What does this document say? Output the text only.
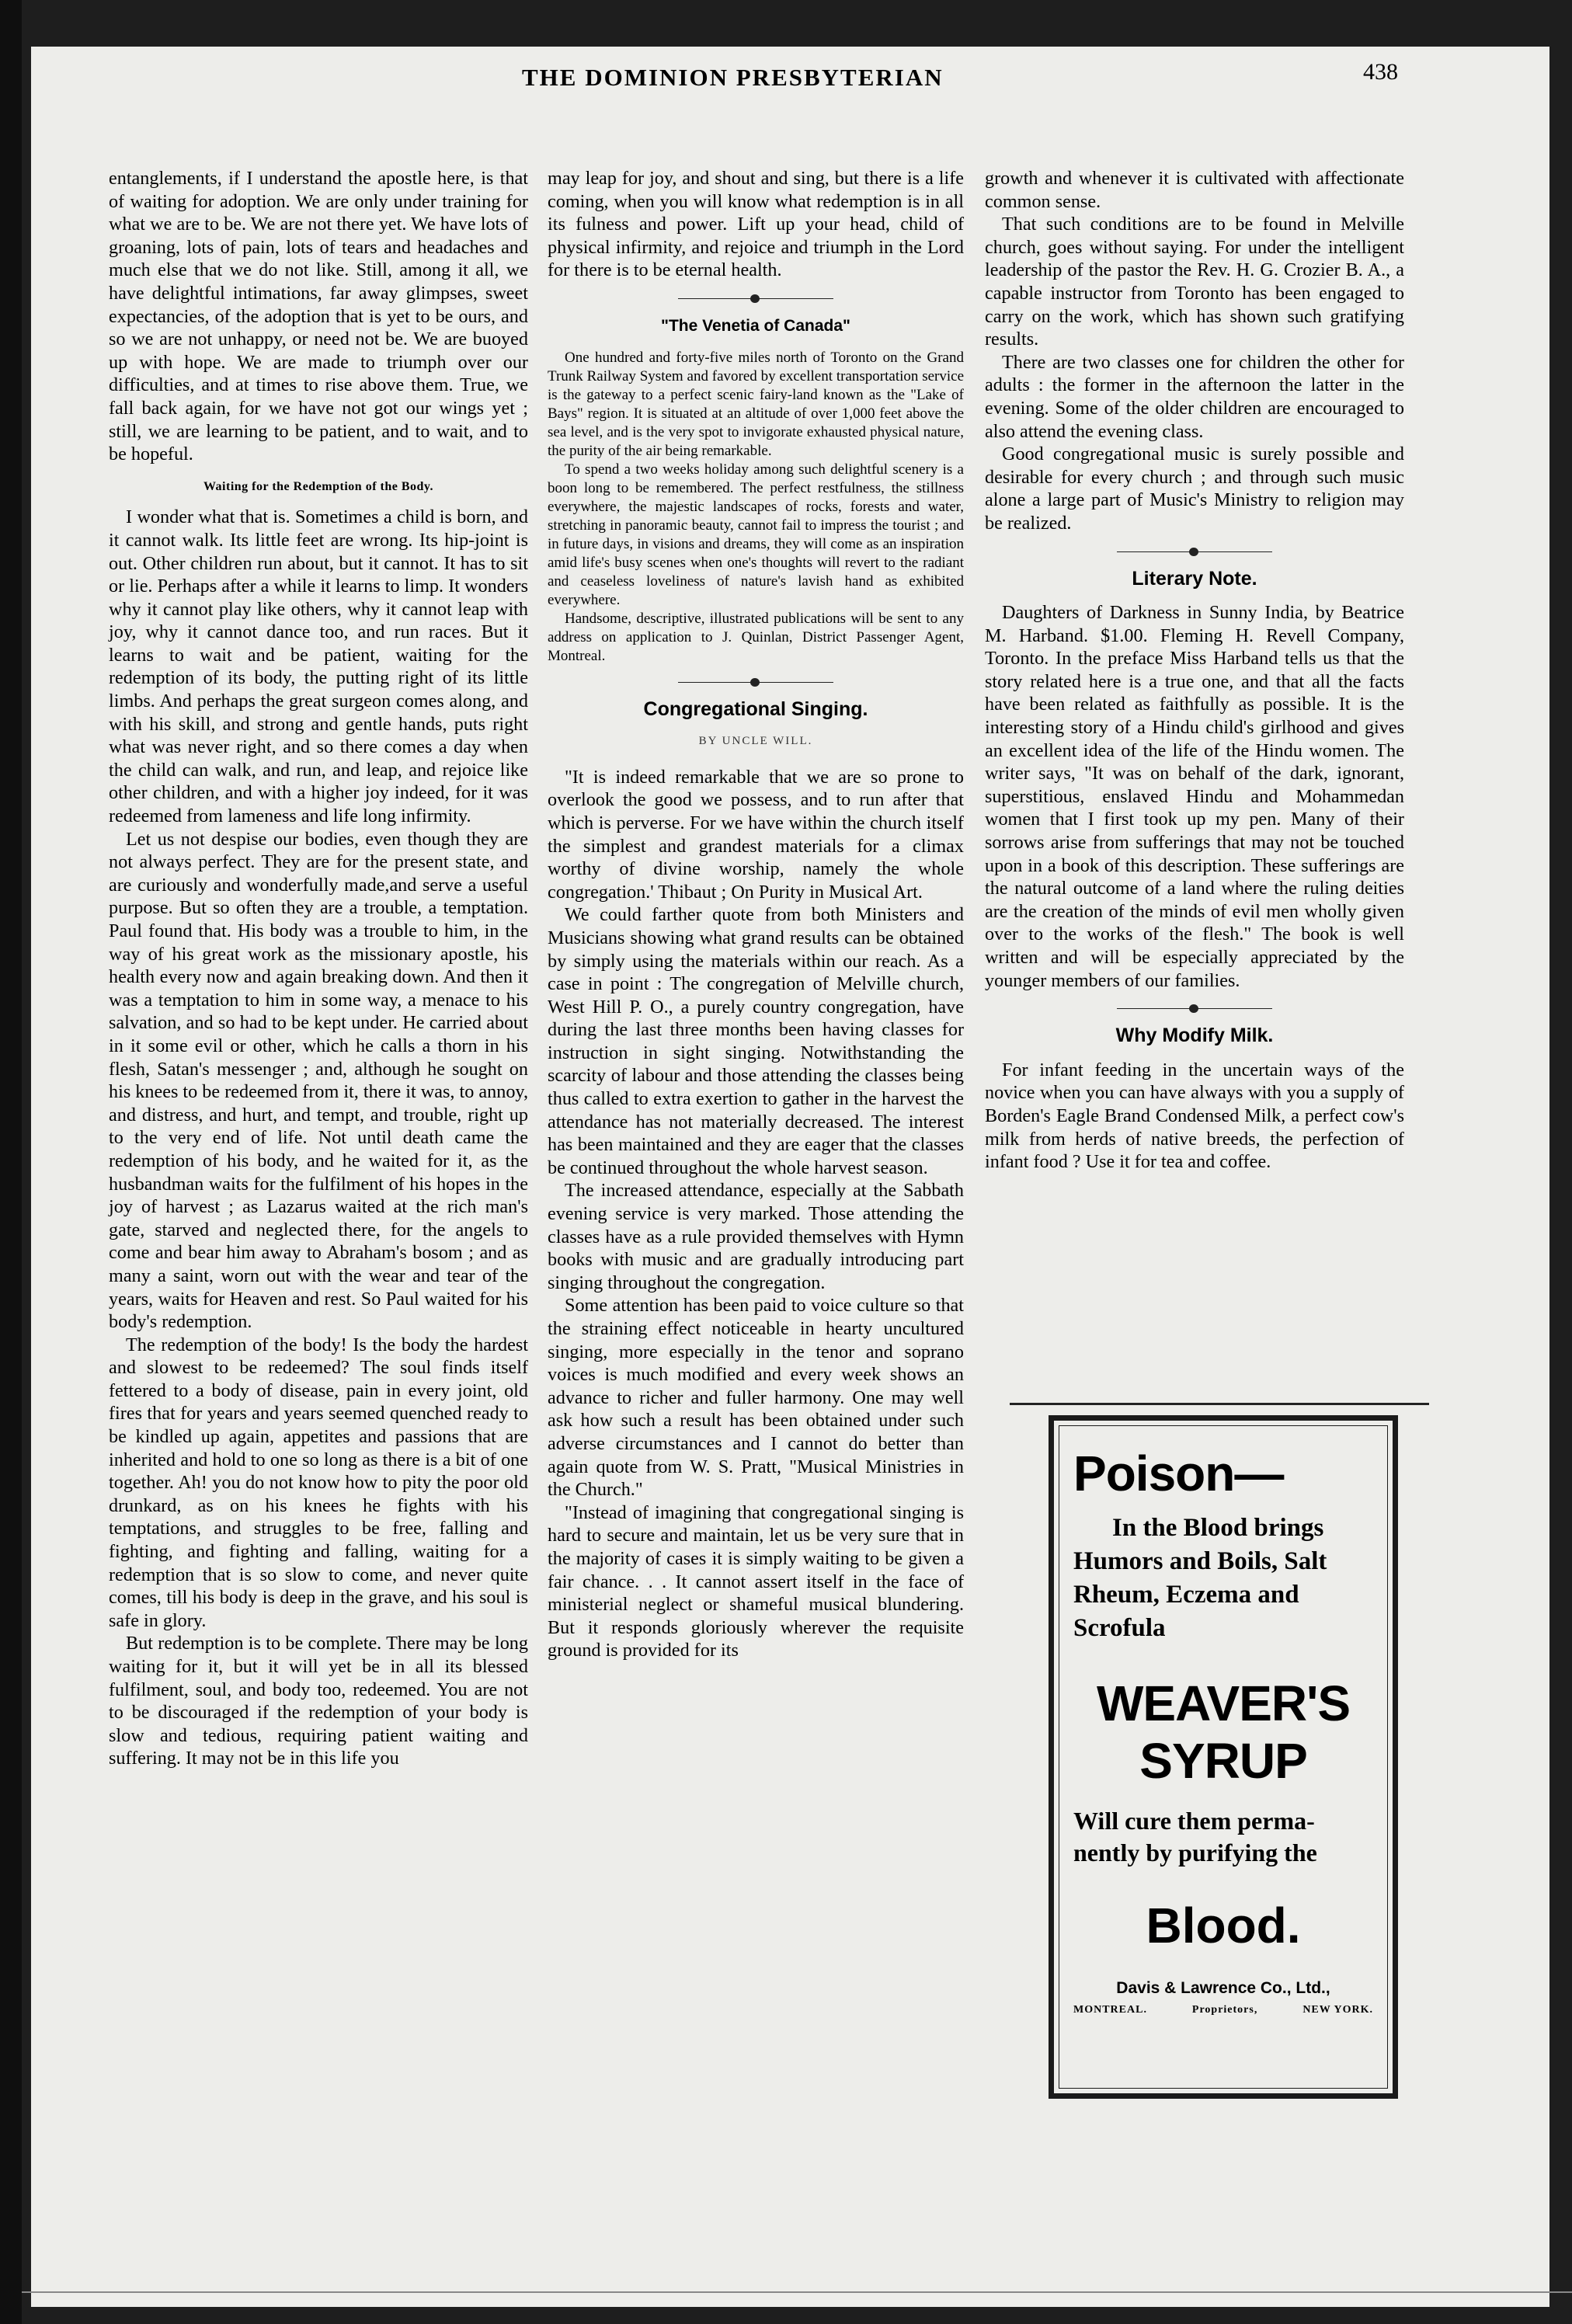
THE DOMINION PRESBYTERIAN	438

entanglements, if I understand the apostle here, is that of waiting for adoption. We are only under training for what we are to be. We are not there yet. We have lots of groaning, lots of pain, lots of tears and headaches and much else that we do not like. Still, among it all, we have delightful intimations, far away glimpses, sweet expectancies, of the adoption that is yet to be ours, and so we are not unhappy, or need not be. We are buoyed up with hope. We are made to triumph over our difficulties, and at times to rise above them. True, we fall back again, for we have not got our wings yet ; still, we are learning to be patient, and to wait, and to be hopeful.

Waiting for the Redemption of the Body.

I wonder what that is. Sometimes a child is born, and it cannot walk. Its little feet are wrong. Its hip-joint is out. Other children run about, but it cannot. It has to sit or lie. Perhaps after a while it learns to limp. It wonders why it cannot play like others, why it cannot leap with joy, why it cannot dance too, and run races. But it learns to wait and be patient, waiting for the redemption of its body, the putting right of its little limbs. And perhaps the great surgeon comes along, and with his skill, and strong and gentle hands, puts right what was never right, and so there comes a day when the child can walk, and run, and leap, and rejoice like other children, and with a higher joy indeed, for it was redeemed from lameness and life long infirmity.

Let us not despise our bodies, even though they are not always perfect. They are for the present state, and are curiously and wonderfully made,and serve a useful purpose. But so often they are a trouble, a temptation. Paul found that. His body was a trouble to him, in the way of his great work as the missionary apostle, his health every now and again breaking down. And then it was a temptation to him in some way, a menace to his salvation, and so had to be kept under. He carried about in it some evil or other, which he calls a thorn in his flesh, Satan's messenger ; and, although he sought on his knees to be redeemed from it, there it was, to annoy, and distress, and hurt, and tempt, and trouble, right up to the very end of life. Not until death came the redemption of his body, and he waited for it, as the husbandman waits for the fulfilment of his hopes in the joy of harvest ; as Lazarus waited at the rich man's gate, starved and neglected there, for the angels to come and bear him away to Abraham's bosom ; and as many a saint, worn out with the wear and tear of the years, waits for Heaven and rest. So Paul waited for his body's redemption.

The redemption of the body! Is the body the hardest and slowest to be redeemed? The soul finds itself fettered to a body of disease, pain in every joint, old fires that for years and years seemed quenched ready to be kindled up again, appetites and passions that are inherited and hold to one so long as there is a bit of one together. Ah! you do not know how to pity the poor old drunkard, as on his knees he fights with his temptations, and struggles to be free, falling and fighting, and fighting and falling, waiting for a redemption that is so slow to come, and never quite comes, till his body is deep in the grave, and his soul is safe in glory.

But redemption is to be complete. There may be long waiting for it, but it will yet be in all its blessed fulfilment, soul, and body too, redeemed. You are not to be discouraged if the redemption of your body is slow and tedious, requiring patient waiting and suffering. It may not be in this life you

may leap for joy, and shout and sing, but there is a life coming, when you will know what redemption is in all its fulness and power. Lift up your head, child of physical infirmity, and rejoice and triumph in the Lord for there is to be eternal health.

"The Venetia of Canada"

One hundred and forty-five miles north of Toronto on the Grand Trunk Railway System and favored by excellent transportation service is the gateway to a perfect scenic fairy-land known as the "Lake of Bays" region. It is situated at an altitude of over 1,000 feet above the sea level, and is the very spot to invigorate exhausted physical nature, the purity of the air being remarkable.

To spend a two weeks holiday among such delightful scenery is a boon long to be remembered. The perfect restfulness, the stillness everywhere, the majestic landscapes of rocks, forests and water, stretching in panoramic beauty, cannot fail to impress the tourist ; and in future days, in visions and dreams, they will come as an inspiration amid life's busy scenes when one's thoughts will revert to the radiant and ceaseless loveliness of nature's lavish hand as exhibited everywhere.

Handsome, descriptive, illustrated publications will be sent to any address on application to J. Quinlan, District Passenger Agent, Montreal.

Congregational Singing.
BY UNCLE WILL.

"It is indeed remarkable that we are so prone to overlook the good we possess, and to run after that which is perverse. For we have within the church itself the simplest and grandest materials for a climax worthy of divine worship, namely the whole congregation.' Thibaut ; On Purity in Musical Art.

We could farther quote from both Ministers and Musicians showing what grand results can be obtained by simply using the materials within our reach. As a case in point : The congregation of Melville church, West Hill P. O., a purely country congregation, have during the last three months been having classes for instruction in sight singing. Notwithstanding the scarcity of labour and those attending the classes being thus called to extra exertion to gather in the harvest the attendance has not materially decreased. The interest has been maintained and they are eager that the classes be continued throughout the whole harvest season.

The increased attendance, especially at the Sabbath evening service is very marked. Those attending the classes have as a rule provided themselves with Hymn books with music and are gradually introducing part singing throughout the congregation.

Some attention has been paid to voice culture so that the straining effect noticeable in hearty uncultured singing, more especially in the tenor and soprano voices is much modified and every week shows an advance to richer and fuller harmony. One may well ask how such a result has been obtained under such adverse circumstances and I cannot do better than again quote from W. S. Pratt, "Musical Ministries in the Church."

"Instead of imagining that congregational singing is hard to secure and maintain, let us be very sure that in the majority of cases it is simply waiting to be given a fair chance. . . It cannot assert itself in the face of ministerial neglect or shameful musical blundering. But it responds gloriously wherever the requisite ground is provided for its

growth and whenever it is cultivated with affectionate common sense.

That such conditions are to be found in Melville church, goes without saying. For under the intelligent leadership of the pastor the Rev. H. G. Crozier B. A., a capable instructor from Toronto has been engaged to carry on the work, which has shown such gratifying results.

There are two classes one for children the other for adults : the former in the afternoon the latter in the evening. Some of the older children are encouraged to also attend the evening class.

Good congregational music is surely possible and desirable for every church ; and through such music alone a large part of Music's Ministry to religion may be realized.

Literary Note.

Daughters of Darkness in Sunny India, by Beatrice M. Harband. $1.00. Fleming H. Revell Company, Toronto. In the preface Miss Harband tells us that the story related here is a true one, and that all the facts have been related as faithfully as possible. It is the interesting story of a Hindu child's girlhood and gives an excellent idea of the life of the Hindu women. The writer says, "It was on behalf of the dark, ignorant, superstitious, enslaved Hindu and Mohammedan women that I first took up my pen. Many of their sorrows arise from sufferings that may not be touched upon in a book of this description. These sufferings are the natural outcome of a land where the ruling deities are the creation of the minds of evil men wholly given over to the works of the flesh." The book is well written and will be especially appreciated by the younger members of our families.

Why Modify Milk.

For infant feeding in the uncertain ways of the novice when you can have always with you a supply of Borden's Eagle Brand Condensed Milk, a perfect cow's milk from herds of native breeds, the perfection of infant food ? Use it for tea and coffee.

Poison—
In the Blood brings
Humors and Boils, Salt
Rheum, Eczema and
Scrofula
WEAVER'S
SYRUP
Will cure them perma-
nently by purifying the
Blood.
Davis & Lawrence Co., Ltd.,
MONTREAL.	Proprietors,	NEW YORK.
